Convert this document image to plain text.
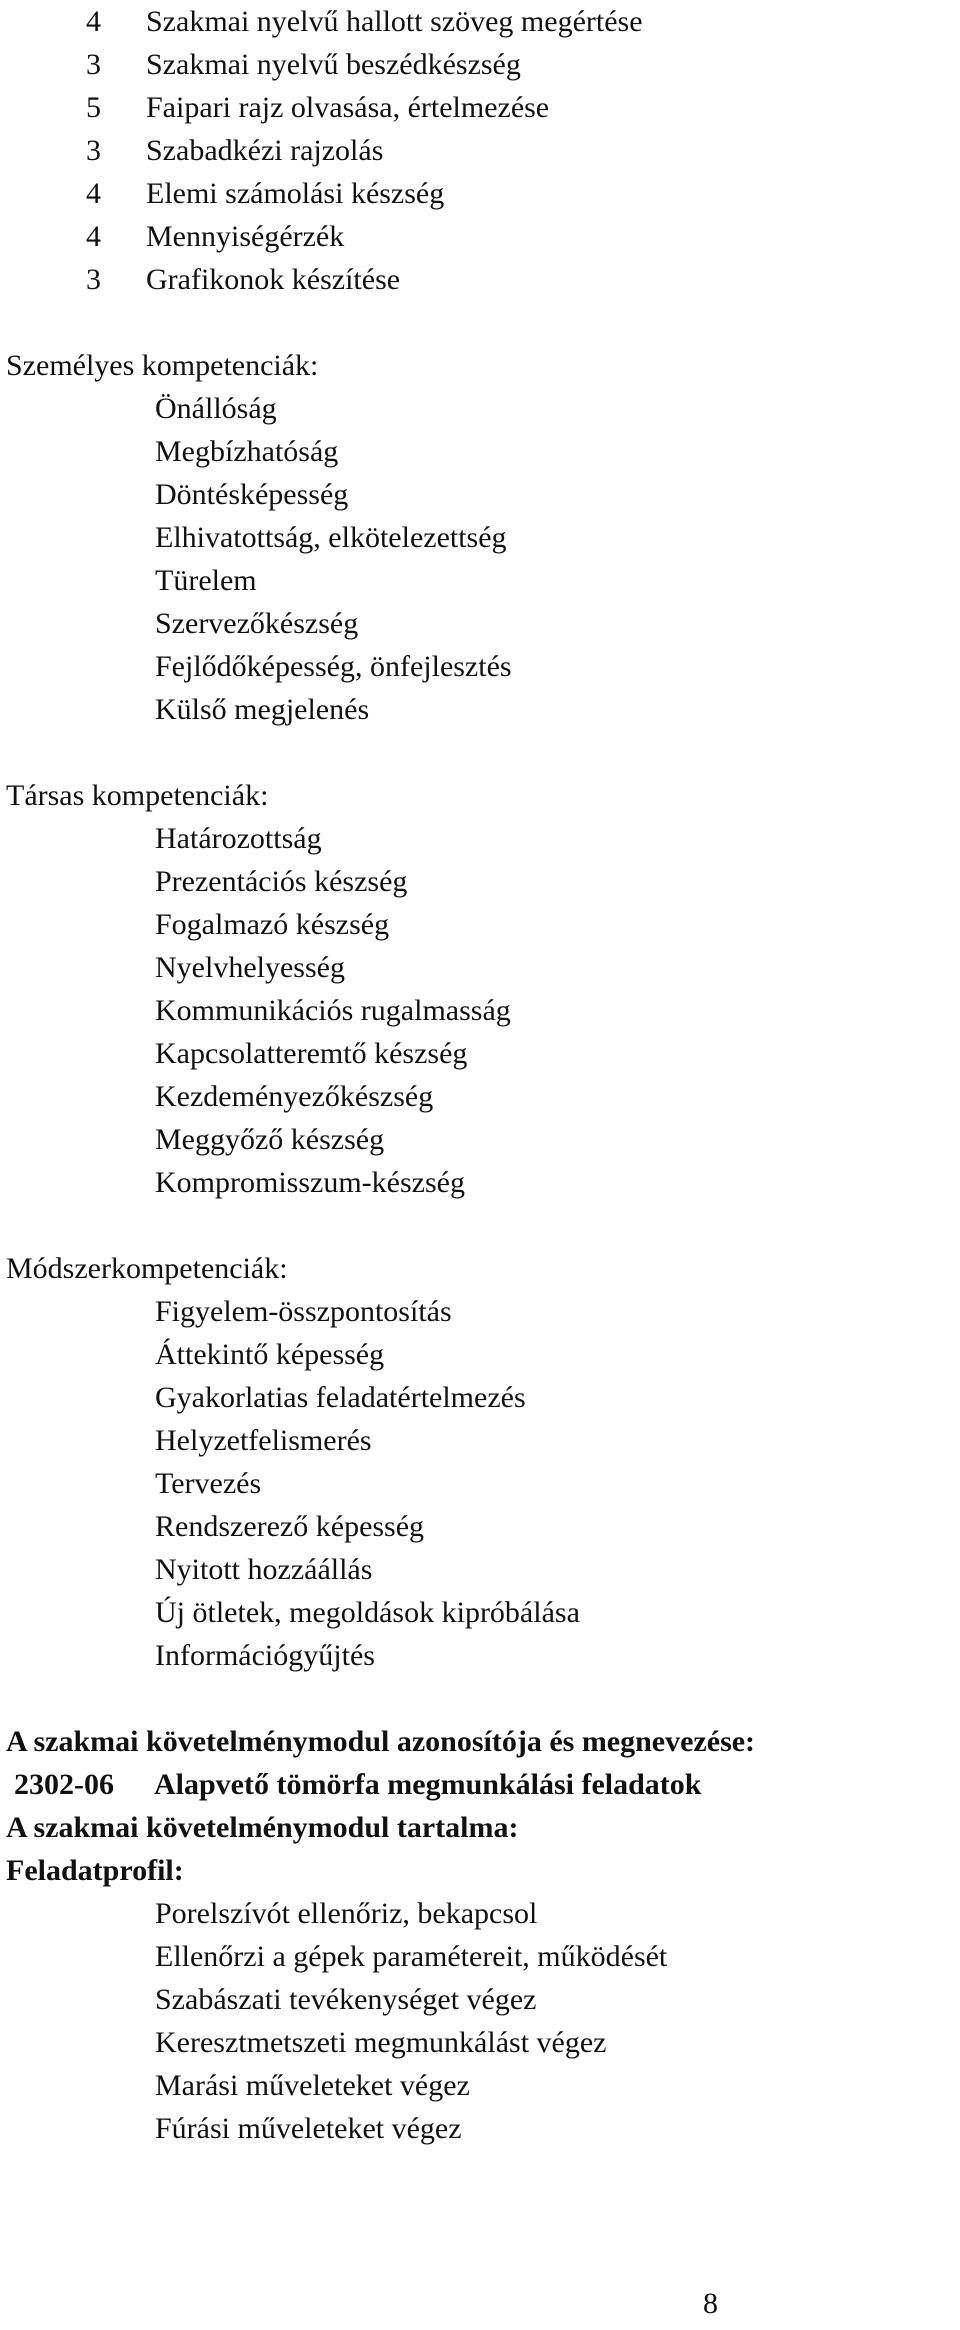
4 Szakmai nyelvű hallott szöveg megértése
3 Szakmai nyelvű beszédkészség
5 Faipari rajz olvasása, értelmezése
3 Szabadkézi rajzolás
4 Elemi számolási készség
4 Mennyiségérzék
3 Grafikonok készítése
Személyes kompetenciák:
Önállóság
Megbízhatóság
Döntésképesség
Elhivatottság, elkötelezettség
Türelem
Szervezőkészség
Fejlődőképesség, önfejlesztés
Külső megjelenés
Társas kompetenciák:
Határozottság
Prezentációs készség
Fogalmazó készség
Nyelvhelyesség
Kommunikációs rugalmasság
Kapcsolatteremtő készség
Kezdeményezőkészség
Meggyőző készség
Kompromisszum-készség
Módszerkompetenciák:
Figyelem-összpontosítás
Áttekintő képesség
Gyakorlatias feladatértelmezés
Helyzetfelismerés
Tervezés
Rendszerező képesség
Nyitott hozzáállás
Új ötletek, megoldások kipróbálása
Információgyűjtés
A szakmai követelménymodul azonosítója és megnevezése:
2302-06 Alapvető tömörfa megmunkálási feladatok
A szakmai követelménymodul tartalma:
Feladatprofil:
Porelszívót ellenőriz, bekapcsol
Ellenőrzi a gépek paramétereit, működését
Szabászati tevékenységet végez
Keresztmetszeti megmunkálást végez
Marási műveleteket végez
Fúrási műveleteket végez
8
